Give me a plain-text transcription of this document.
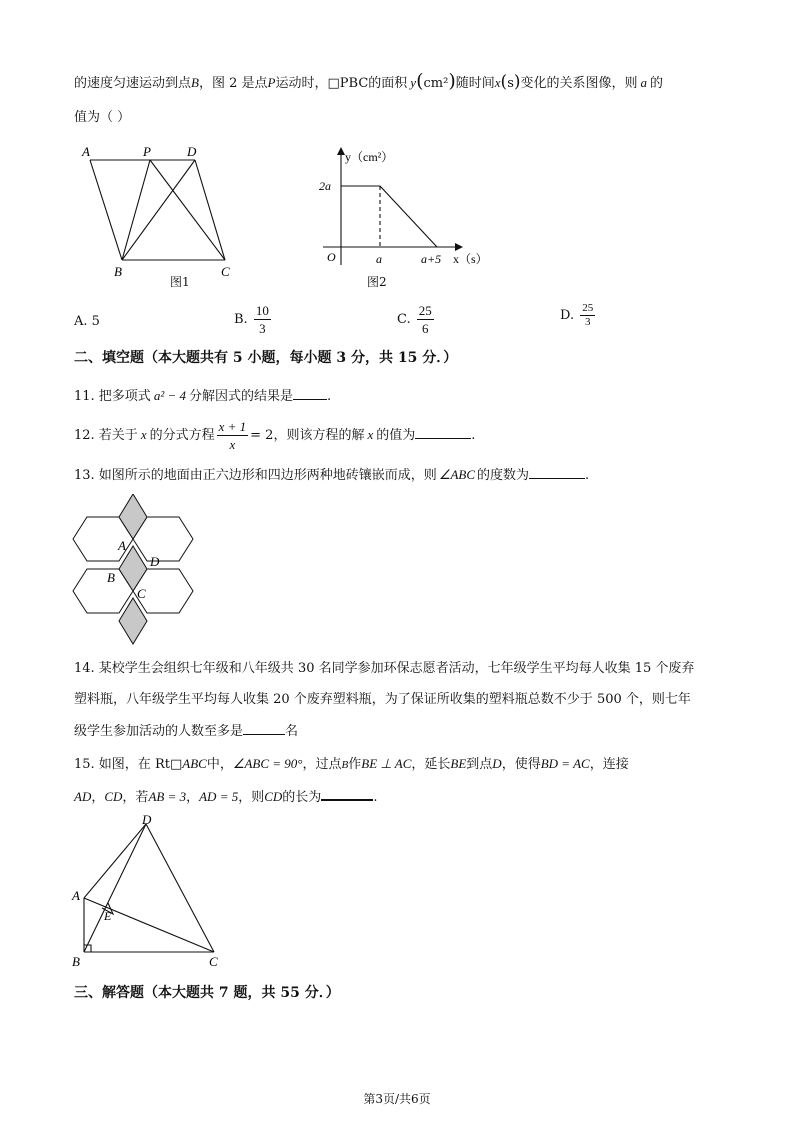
的速度匀速运动到点B，图 2 是点P运动时，□PBC的面积 y(cm²)随时间x(s)变化的关系图像，则 a 的
值为（ ）
A	P	D
B	C
图1
y（cm²）
2a
O	a	a+5 x（s）
图2
A. 5	B. $\frac{10}{3}$	C. $\frac{25}{6}$	D. $\frac{25}{3}$
二、填空题（本大题共有 5 小题，每小题 3 分，共 15 分．）
11. 把多项式 a² − 4 分解因式的结果是	.
12. 若关于 x 的分式方程 $\frac{x + 1}{x} = 2$，则该方程的解 x 的值为	.
13. 如图所示的地面由正六边形和四边形两种地砖镶嵌而成，则 ∠ABC 的度数为	.
A
D
B
C
14. 某校学生会组织七年级和八年级共 30 名同学参加环保志愿者活动，七年级学生平均每人收集 15 个废弃
塑料瓶，八年级学生平均每人收集 20 个废弃塑料瓶，为了保证所收集的塑料瓶总数不少于 500 个，则七年
级学生参加活动的人数至多是	名
15. 如图，在 Rt□ABC中，∠ABC = 90°，过点B作BE ⊥ AC，延长BE到点D，使得BD = AC，连接
AD，CD，若AB = 3，AD = 5，则CD的长为	.
D
A
E
B	C
三、解答题（本大题共 7 题，共 55 分．）
第3页/共6页
